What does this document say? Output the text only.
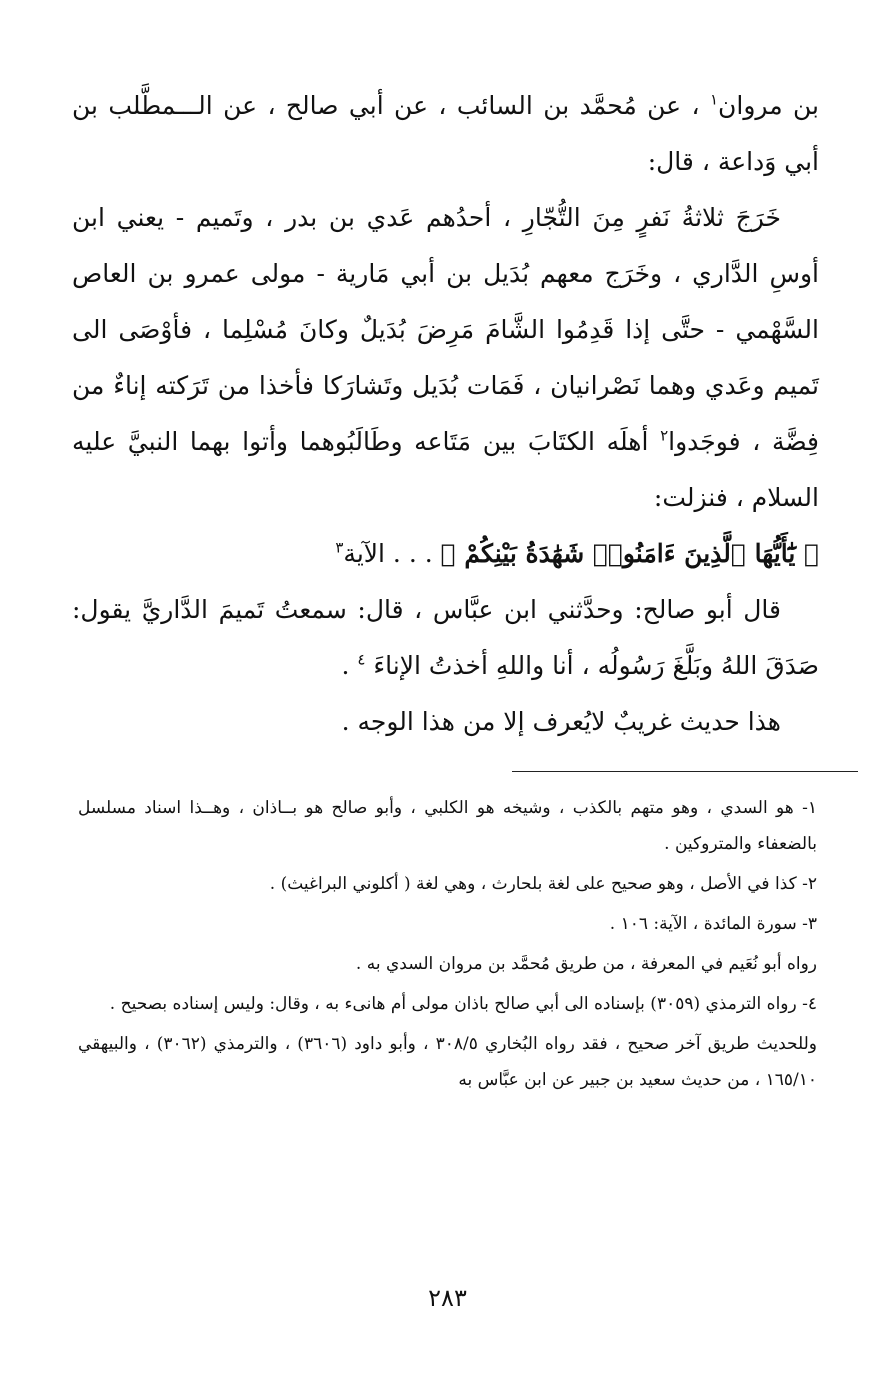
بن مروان$^١$ ، عن مُحمَّد بن السائب ، عن أبي صالح ، عن الـــمطَّلب بن أبي وَداعة ، قال:

خَرَجَ ثلاثةُ نَفرٍ مِنَ التُّجّارِ ، أحدُهم عَدي بن بدر ، وتَميم - يعني ابن أوسِ الدَّاري ، وخَرَج معهم بُدَيل بن أبي مَارية - مولى عمرو بن العاص السَّهْمي - حتَّى إذا قَدِمُوا الشَّامَ مَرِضَ بُدَيلٌ وكانَ مُسْلِما ، فأوْصَى الى تَميم وعَدي وهما نَصْرانيان ، فَمَات بُدَيل وتَشارَكا فأخذا من تَرَكته إناءٌ من فِضَّة ، فوجَدوا$^٢$ أهلَه الكتَابَ بين مَتَاعه وطَالَبُوهما وأتوا بهما النبيَّ عليه السلام ، فنزلت:

﴿ يَٰٓأَيُّهَا ٱلَّذِينَ ءَامَنُوا۟ شَهَٰدَةُ بَيْنِكُمْ ﴾ . . . الآية$^٣$

قال أبو صالح: وحدَّثني ابن عبَّاس ، قال: سمعتُ تَميمَ الدَّاريَّ يقول: صَدَقَ اللهُ وبَلَّغَ رَسُولُه ، أنا واللهِ أخذتُ الإناءَ $^٤$ .

هذا حديث غريبٌ لايُعرف إلا من هذا الوجه .

١- هو السدي ، وهو متهم بالكذب ، وشيخه هو الكلبي ، وأبو صالح هو بــاذان ، وهــذا اسناد مسلسل بالضعفاء والمتروكين .

٢- كذا في الأصل ، وهو صحيح على لغة بلحارث ، وهي لغة ( أكلوني البراغيث) .

٣- سورة المائدة ، الآية: ١٠٦ .

رواه أبو نُعَيم في المعرفة ، من طريق مُحمَّد بن مروان السدي به .

٤- رواه الترمذي (٣٠٥٩) بإسناده الى أبي صالح باذان مولى أم هانىء به ، وقال: وليس إسناده بصحيح .

وللحديث طريق آخر صحيح ، فقد رواه البُخاري ٣٠٨/٥ ، وأبو داود (٣٦٠٦) ، والترمذي (٣٠٦٢) ، والبيهقي ١٦٥/١٠ ، من حديث سعيد بن جبير عن ابن عبَّاس به

٢٨٣
